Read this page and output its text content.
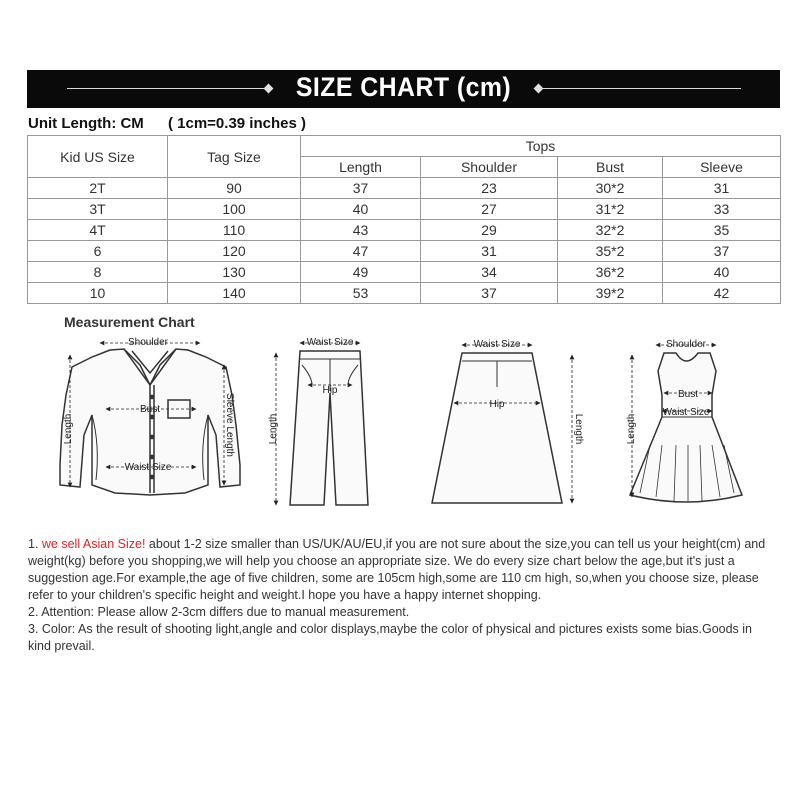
SIZE CHART (cm)
Unit Length: CM ( 1cm=0.39 inches )
Kid US Size	Tag Size	Tops			
		Length	Shoulder	Bust	Sleeve
2T	90	37	23	30*2	31
3T	100	40	27	31*2	33
4T	110	43	29	32*2	35
6	120	47	31	35*2	37
8	130	49	34	36*2	40
10	140	53	37	39*2	42
Measurement Chart
Shoulder
Bust
Waist Size
Length	Sleeve Length
Waist Size
Hip
Length
Waist Size
Hip
Length
Shoulder
Bust
Waist Size
Length

1. we sell Asian Size! about 1-2 size smaller than US/UK/AU/EU,if you are not sure about the size,you can tell us your height(cm) and weight(kg) before you shopping,we will help you choose an appropriate size. We do every size chart below the age,but it's just a suggestion age.For example,the age of five children, some are 105cm high,some are 110 cm high, so,when you choose size, please refer to your children's specific height and weight.I hope you have a happy internet shopping.

2. Attention: Please allow 2-3cm differs due to manual measurement.

3. Color: As the result of shooting light,angle and color displays,maybe the color of physical and pictures exists some bias.Goods in kind prevail.
